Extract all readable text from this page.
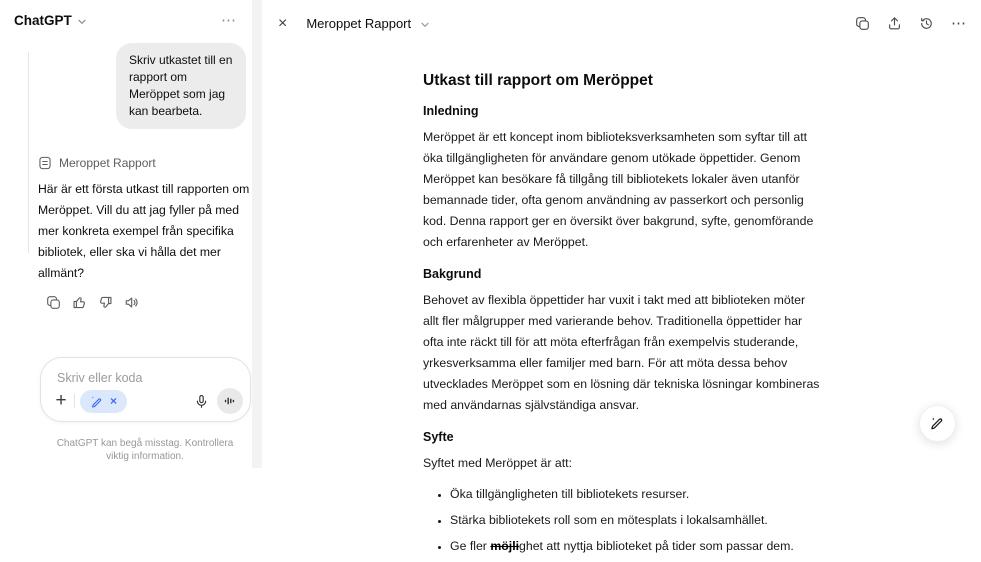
ChatGPT	⋯
Skriv utkastet till en rapport om Meröppet som jag kan bearbeta.
Meroppet Rapport

Här är ett första utkast till rapporten om Meröppet. Vill du att jag fyller på med mer konkreta exempel från specifika bibliotek, eller ska vi hålla det mer allmänt?

Skriv eller koda
+	×
ChatGPT kan begå misstag. Kontrollera viktig information.
×	Meroppet Rapport	⋯
Utkast till rapport om Meröppet
Inledning

Meröppet är ett koncept inom biblioteksverksamheten som syftar till att öka tillgängligheten för användare genom utökade öppettider. Genom Meröppet kan besökare få tillgång till bibliotekets lokaler även utanför bemannade tider, ofta genom användning av passerkort och personlig kod. Denna rapport ger en översikt över bakgrund, syfte, genomförande och erfarenheter av Meröppet.

Bakgrund

Behovet av flexibla öppettider har vuxit i takt med att biblioteken möter allt fler målgrupper med varierande behov. Traditionella öppettider har ofta inte räckt till för att möta efterfrågan från exempelvis studerande, yrkesverksamma eller familjer med barn. För att möta dessa behov utvecklades Meröppet som en lösning där tekniska lösningar kombineras med användarnas självständiga ansvar.

Syfte

Syftet med Meröppet är att:

• Öka tillgängligheten till bibliotekets resurser.
• Stärka bibliotekets roll som en mötesplats i lokalsamhället.
• Ge fler möjlighet att nyttja biblioteket på tider som passar dem.
